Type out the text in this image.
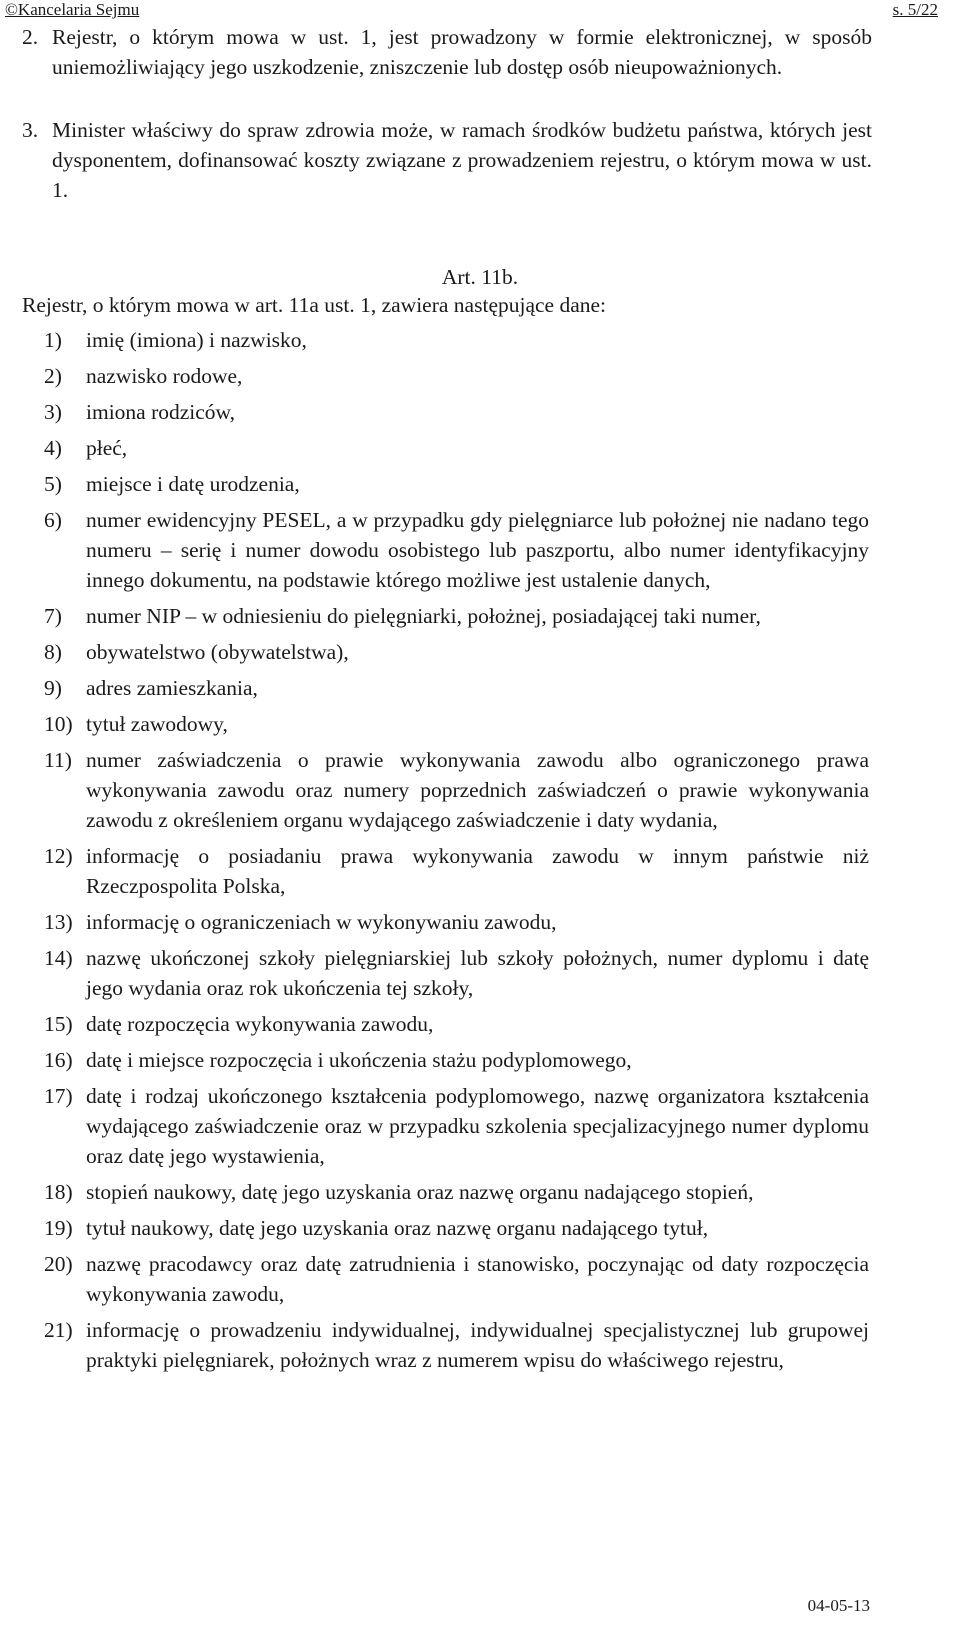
©Kancelaria Sejmu	s. 5/22
2. Rejestr, o którym mowa w ust. 1, jest prowadzony w formie elektronicznej, w sposób uniemożliwiający jego uszkodzenie, zniszczenie lub dostęp osób nieupoważnionych.
3. Minister właściwy do spraw zdrowia może, w ramach środków budżetu państwa, których jest dysponentem, dofinansować koszty związane z prowadzeniem rejestru, o którym mowa w ust. 1.
Art. 11b.
Rejestr, o którym mowa w art. 11a ust. 1, zawiera następujące dane:
1)	imię (imiona) i nazwisko,
2)	nazwisko rodowe,
3)	imiona rodziców,
4)	płeć,
5)	miejsce i datę urodzenia,
6)	numer ewidencyjny PESEL, a w przypadku gdy pielęgniarce lub położnej nie nadano tego numeru – serię i numer dowodu osobistego lub paszportu, albo numer identyfikacyjny innego dokumentu, na podstawie którego możliwe jest ustalenie danych,
7)	numer NIP – w odniesieniu do pielęgniarki, położnej, posiadającej taki numer,
8)	obywatelstwo (obywatelstwa),
9)	adres zamieszkania,
10) tytuł zawodowy,
11) numer zaświadczenia o prawie wykonywania zawodu albo ograniczonego prawa wykonywania zawodu oraz numery poprzednich zaświadczeń o prawie wykonywania zawodu z określeniem organu wydającego zaświadczenie i daty wydania,
12) informację o posiadaniu prawa wykonywania zawodu w innym państwie niż Rzeczpospolita Polska,
13) informację o ograniczeniach w wykonywaniu zawodu,
14) nazwę ukończonej szkoły pielęgniarskiej lub szkoły położnych, numer dyplomu i datę jego wydania oraz rok ukończenia tej szkoły,
15) datę rozpoczęcia wykonywania zawodu,
16) datę i miejsce rozpoczęcia i ukończenia stażu podyplomowego,
17) datę i rodzaj ukończonego kształcenia podyplomowego, nazwę organizatora kształcenia wydającego zaświadczenie oraz w przypadku szkolenia specjalizacyjnego numer dyplomu oraz datę jego wystawienia,
18) stopień naukowy, datę jego uzyskania oraz nazwę organu nadającego stopień,
19) tytuł naukowy, datę jego uzyskania oraz nazwę organu nadającego tytuł,
20) nazwę pracodawcy oraz datę zatrudnienia i stanowisko, poczynając od daty rozpoczęcia wykonywania zawodu,
21) informację o prowadzeniu indywidualnej, indywidualnej specjalistycznej lub grupowej praktyki pielęgniarek, położnych wraz z numerem wpisu do właściwego rejestru,
04-05-13
